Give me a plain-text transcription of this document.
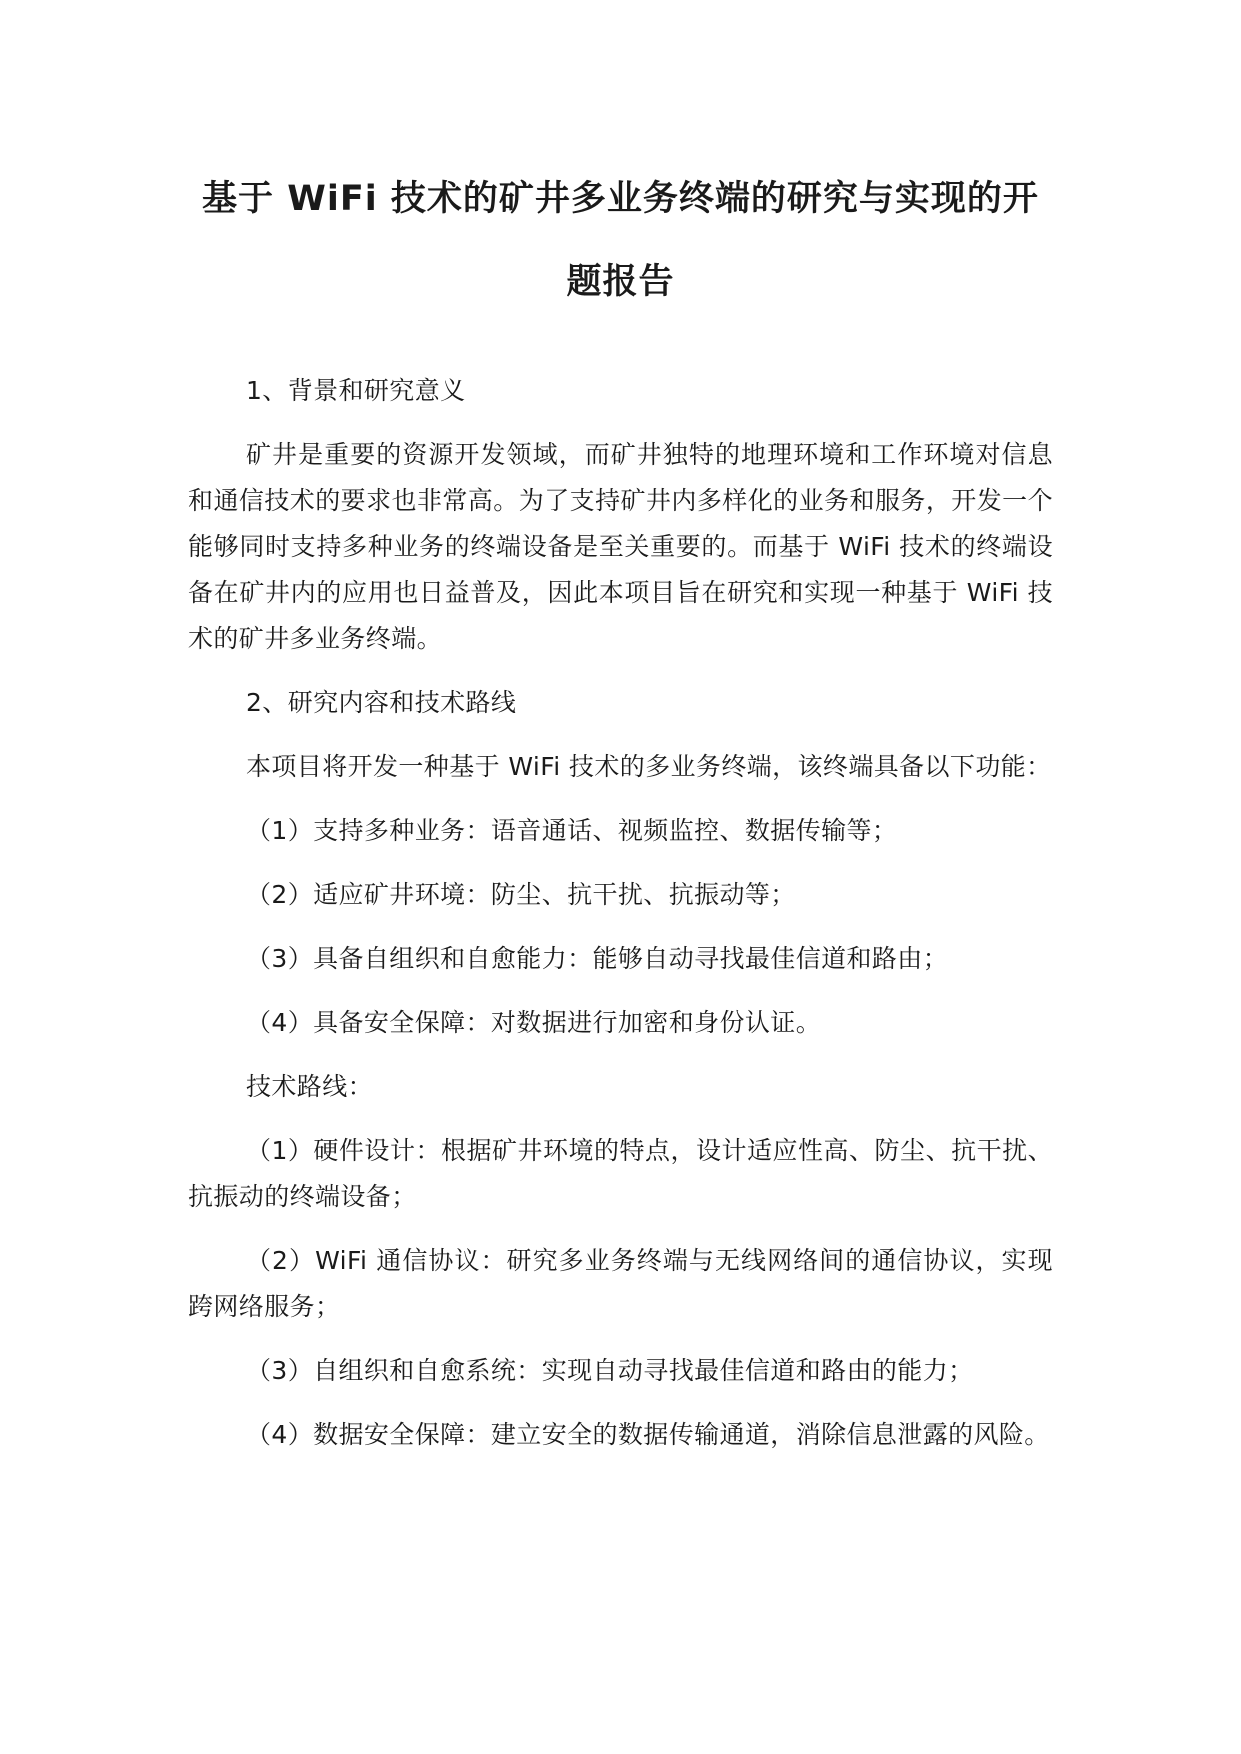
基于 WiFi 技术的矿井多业务终端的研究与实现的开
题报告

1、背景和研究意义

矿井是重要的资源开发领域，而矿井独特的地理环境和工作环境对信息和通信技术的要求也非常高。为了支持矿井内多样化的业务和服务，开发一个能够同时支持多种业务的终端设备是至关重要的。而基于 WiFi 技术的终端设备在矿井内的应用也日益普及，因此本项目旨在研究和实现一种基于 WiFi 技术的矿井多业务终端。

2、研究内容和技术路线

本项目将开发一种基于 WiFi 技术的多业务终端，该终端具备以下功能：

（1）支持多种业务：语音通话、视频监控、数据传输等；

（2）适应矿井环境：防尘、抗干扰、抗振动等；

（3）具备自组织和自愈能力：能够自动寻找最佳信道和路由；

（4）具备安全保障：对数据进行加密和身份认证。

技术路线：

（1）硬件设计：根据矿井环境的特点，设计适应性高、防尘、抗干扰、抗振动的终端设备；

（2）WiFi 通信协议：研究多业务终端与无线网络间的通信协议，实现跨网络服务；

（3）自组织和自愈系统：实现自动寻找最佳信道和路由的能力；

（4）数据安全保障：建立安全的数据传输通道，消除信息泄露的风险。
